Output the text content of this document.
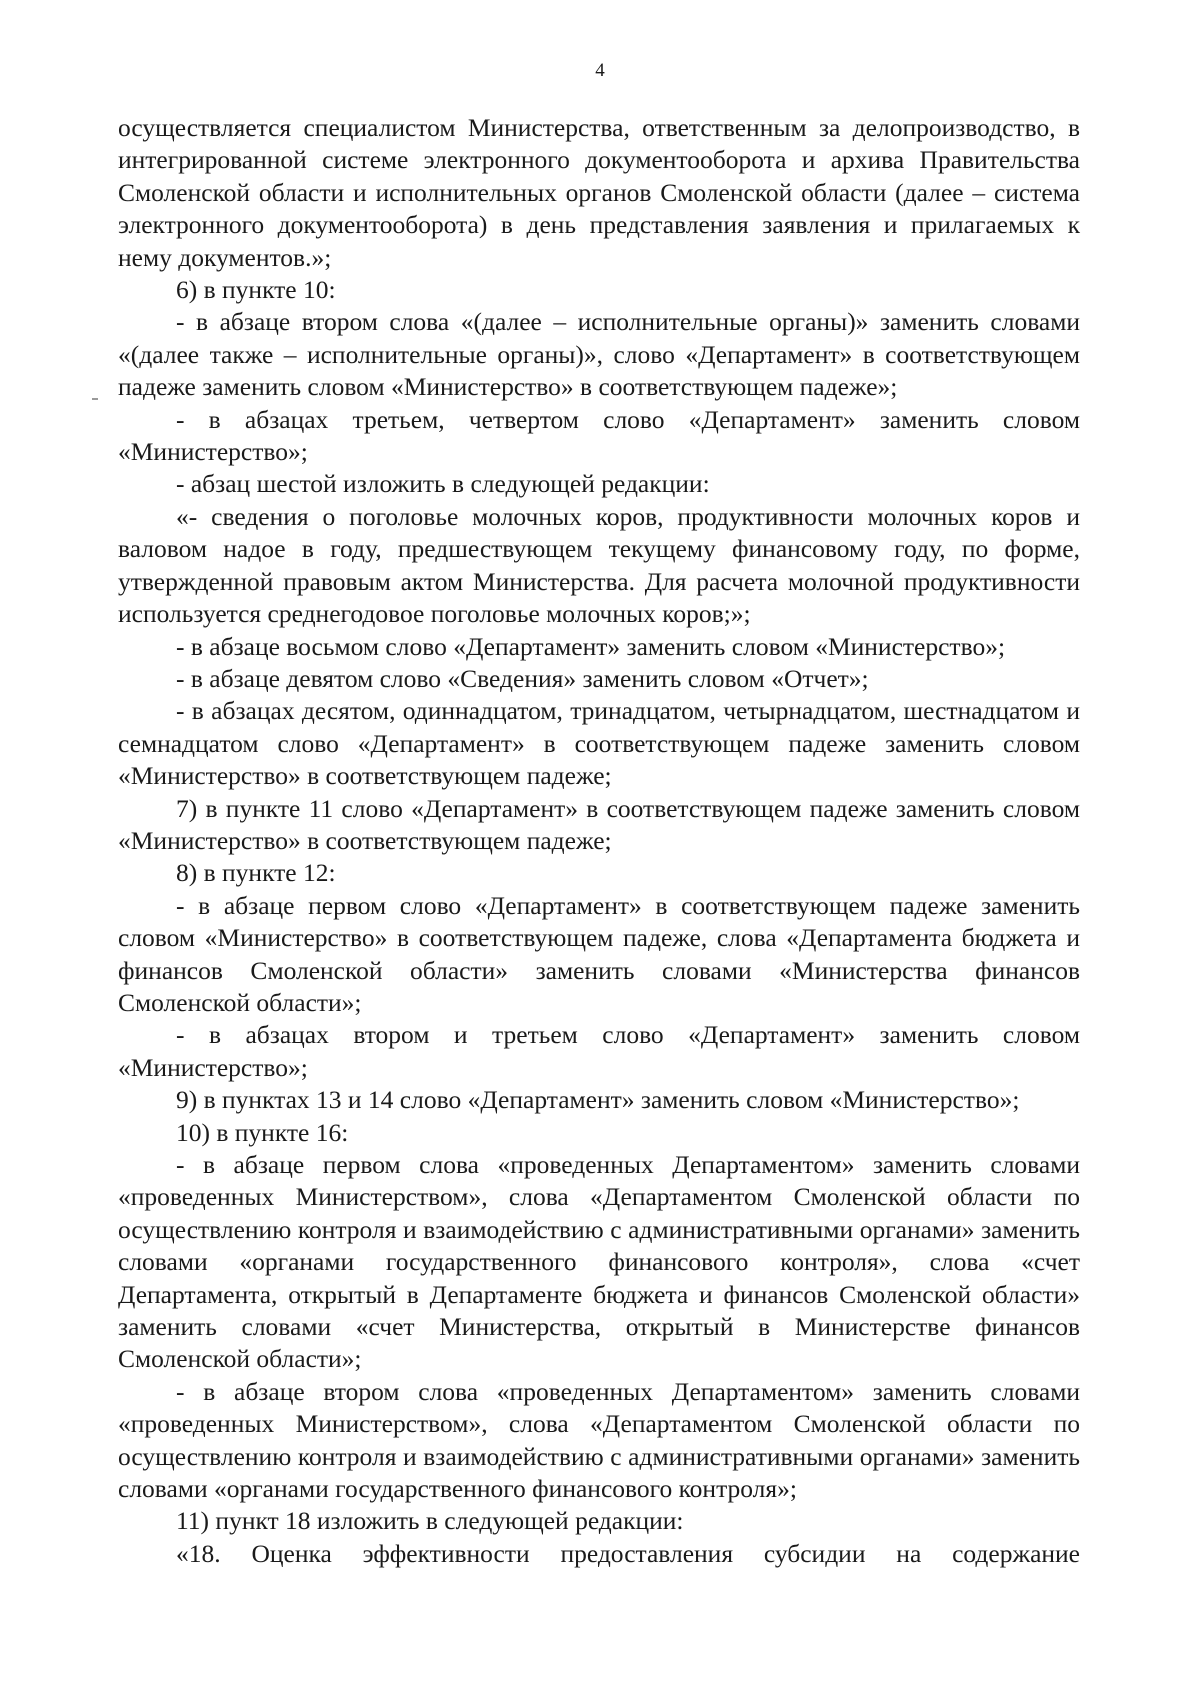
4

осуществляется специалистом Министерства, ответственным за делопроизводство, в интегрированной системе электронного документооборота и архива Правительства Смоленской области и исполнительных органов Смоленской области (далее – система электронного документооборота) в день представления заявления и прилагаемых к нему документов.»;

6) в пункте 10:

- в абзаце втором слова «(далее – исполнительные органы)» заменить словами «(далее также – исполнительные органы)», слово «Департамент» в соответствующем падеже заменить словом «Министерство» в соответствующем падеже»;

- в абзацах третьем, четвертом слово «Департамент» заменить словом «Министерство»;

- абзац шестой изложить в следующей редакции:

«- сведения о поголовье молочных коров, продуктивности молочных коров и валовом надое в году, предшествующем текущему финансовому году, по форме, утвержденной правовым актом Министерства. Для расчета молочной продуктивности используется среднегодовое поголовье молочных коров;»;

- в абзаце восьмом слово «Департамент» заменить словом «Министерство»;

- в абзаце девятом слово «Сведения» заменить словом «Отчет»;

- в абзацах десятом, одиннадцатом, тринадцатом, четырнадцатом, шестнадцатом и семнадцатом слово «Департамент» в соответствующем падеже заменить словом «Министерство» в соответствующем падеже;

7) в пункте 11 слово «Департамент» в соответствующем падеже заменить словом «Министерство» в соответствующем падеже;

8) в пункте 12:

- в абзаце первом слово «Департамент» в соответствующем падеже заменить словом «Министерство» в соответствующем падеже, слова «Департамента бюджета и финансов Смоленской области» заменить словами «Министерства финансов Смоленской области»;

- в абзацах втором и третьем слово «Департамент» заменить словом «Министерство»;

9) в пунктах 13 и 14 слово «Департамент» заменить словом «Министерство»;

10) в пункте 16:

- в абзаце первом слова «проведенных Департаментом» заменить словами «проведенных Министерством», слова «Департаментом Смоленской области по осуществлению контроля и взаимодействию с административными органами» заменить словами «органами государственного финансового контроля», слова «счет Департамента, открытый в Департаменте бюджета и финансов Смоленской области» заменить словами «счет Министерства, открытый в Министерстве финансов Смоленской области»;

- в абзаце втором слова «проведенных Департаментом» заменить словами «проведенных Министерством», слова «Департаментом Смоленской области по осуществлению контроля и взаимодействию с административными органами» заменить словами «органами государственного финансового контроля»;

11) пункт 18 изложить в следующей редакции:

«18. Оценка эффективности предоставления субсидии на содержание
